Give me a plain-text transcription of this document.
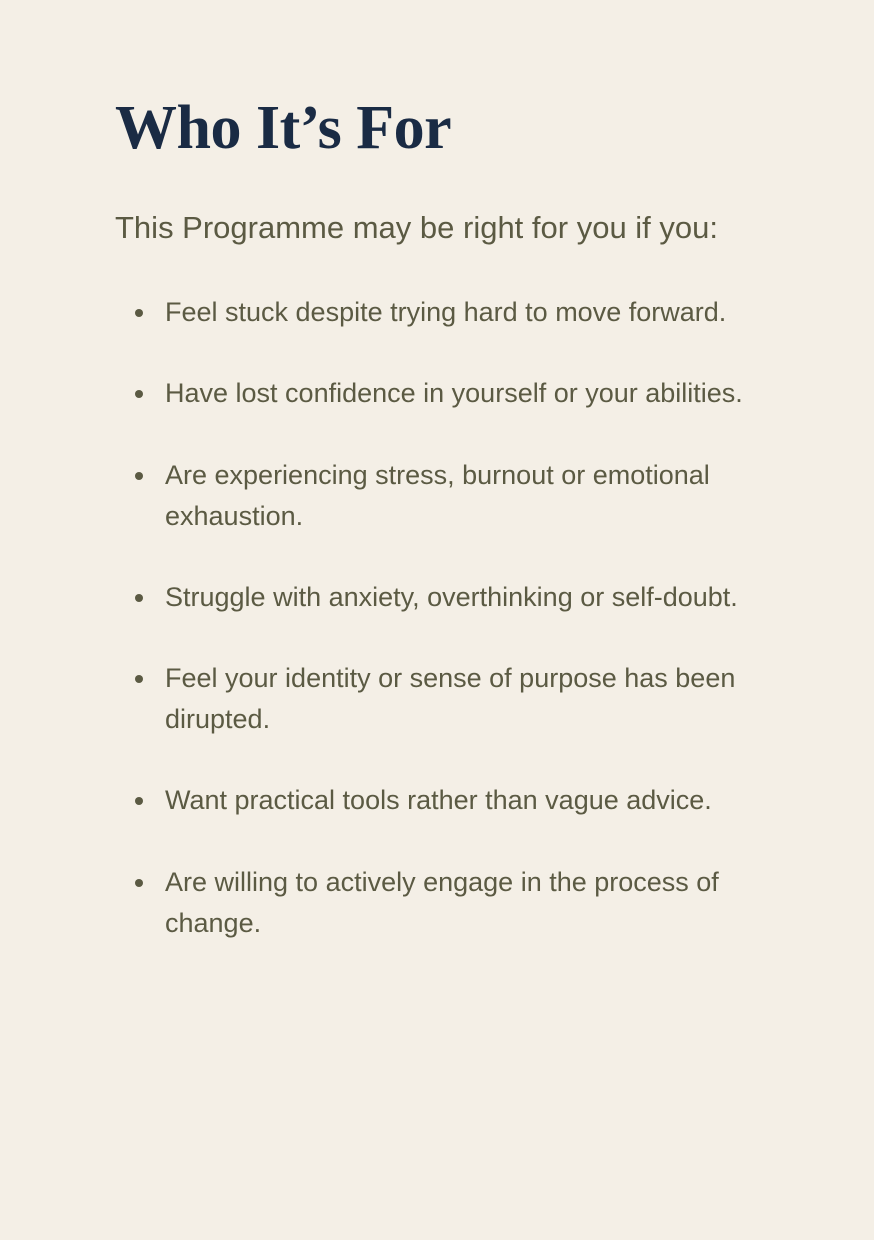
Who It’s For

This Programme may be right for you if you:

Feel stuck despite trying hard to move forward.
Have lost confidence in yourself or your abilities.
Are experiencing stress, burnout or emotional exhaustion.
Struggle with anxiety, overthinking or self-doubt.
Feel your identity or sense of purpose has been dirupted.
Want practical tools rather than vague advice.
Are willing to actively engage in the process of change.
